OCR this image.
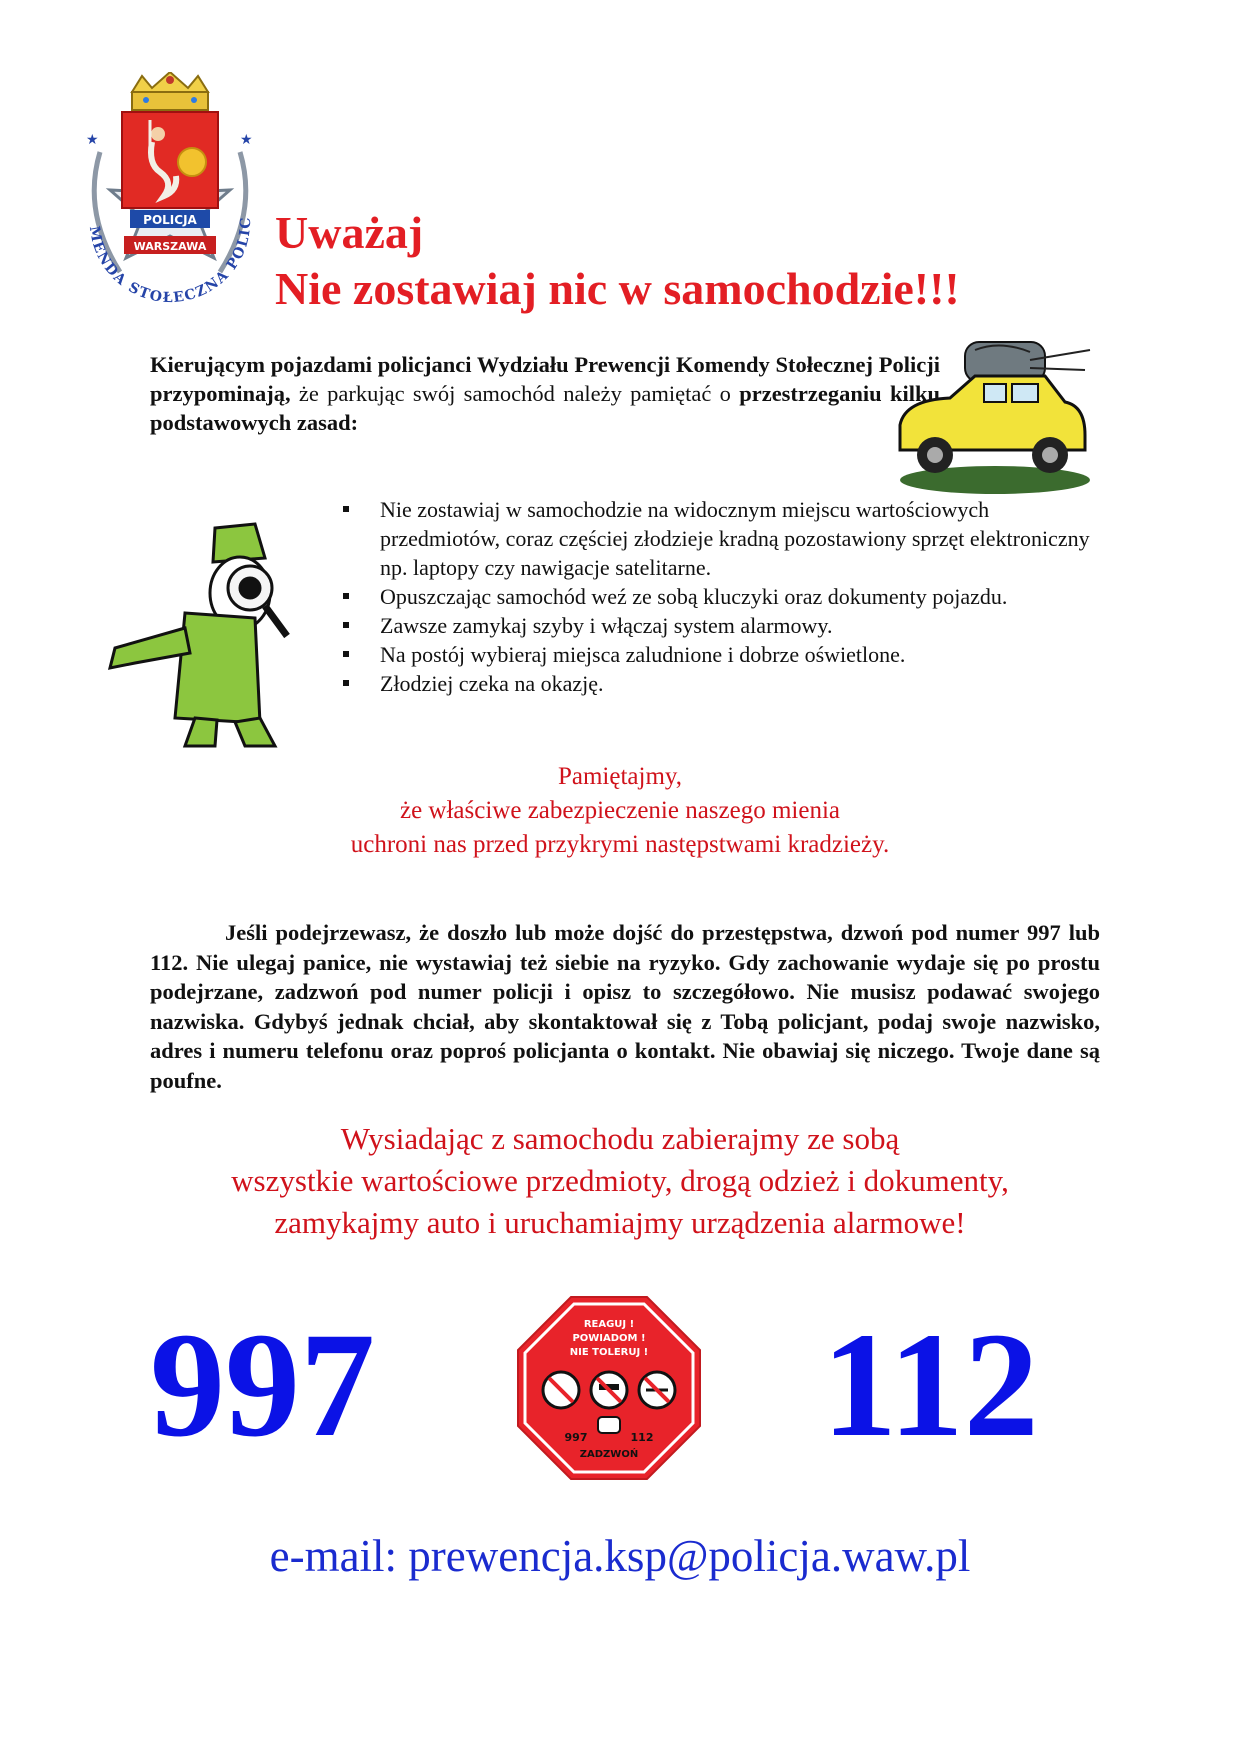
POLICJA
WARSZAWA
★	★
MENDA STOŁECZNA POLIC Uważaj
Nie zostawiaj nic w samochodzie!!!
Kierującym pojazdami policjanci Wydziału Prewencji Komendy Stołecznej Policji przypominają, że parkując swój samochód należy pamiętać o przestrzeganiu kilku podstawowych zasad:
Nie zostawiaj w samochodzie na widocznym miejscu wartościowych przedmiotów, coraz częściej złodzieje kradną pozostawiony sprzęt elektroniczny np. laptopy czy nawigacje satelitarne.
Opuszczając samochód weź ze sobą kluczyki oraz dokumenty pojazdu.
Zawsze zamykaj szyby i włączaj system alarmowy.
Na postój wybieraj miejsca zaludnione i dobrze oświetlone.
Złodziej czeka na okazję.
Pamiętajmy,
że właściwe zabezpieczenie naszego mienia
uchroni nas przed przykrymi następstwami kradzieży.
Jeśli podejrzewasz, że doszło lub może dojść do przestępstwa, dzwoń pod numer 997 lub 112. Nie ulegaj panice, nie wystawiaj też siebie na ryzyko. Gdy zachowanie wydaje się po prostu podejrzane, zadzwoń pod numer policji i opisz to szczegółowo. Nie musisz podawać swojego nazwiska. Gdybyś jednak chciał, aby skontaktował się z Tobą policjant, podaj swoje nazwisko, adres i numeru telefonu oraz poproś policjanta o kontakt. Nie obawiaj się niczego. Twoje dane są poufne.
Wysiadając z samochodu zabierajmy ze sobą
wszystkie wartościowe przedmioty, drogą odzież i dokumenty,
zamykajmy auto i uruchamiajmy urządzenia alarmowe!
997	112
REAGUJ !
POWIADOM !
NIE TOLERUJ !
997	112
ZADZWOŃ
e-mail: prewencja.ksp@policja.waw.pl
